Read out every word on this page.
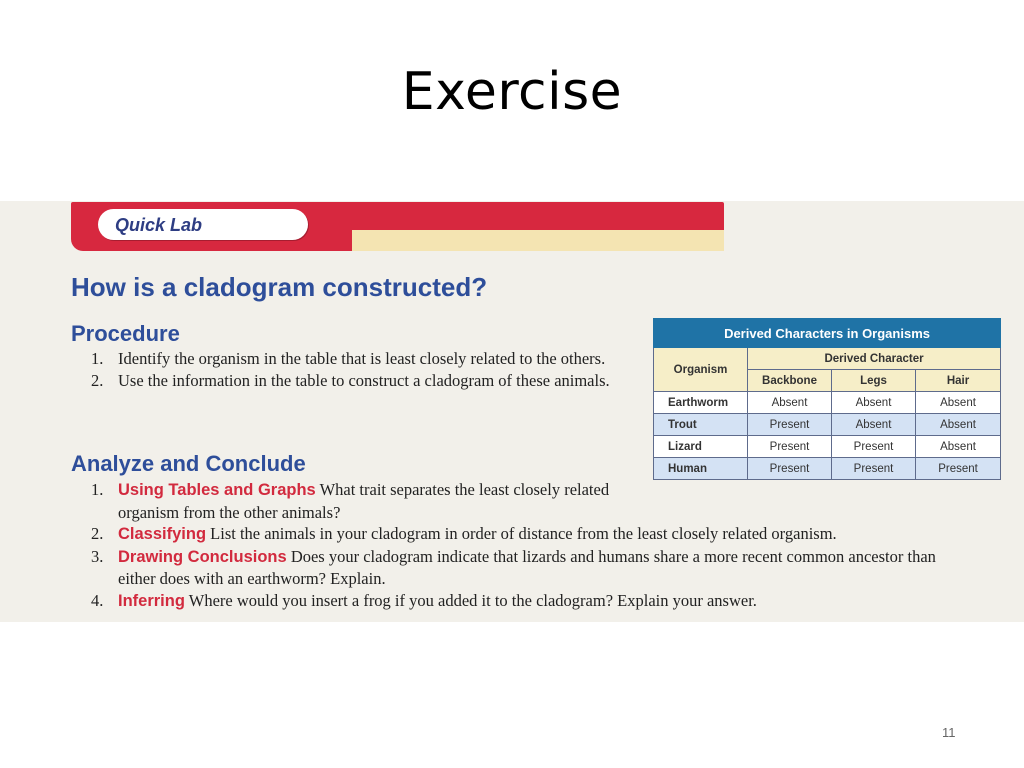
Exercise
Quick Lab
How is a cladogram constructed?
Procedure
1. Identify the organism in the table that is least closely related to the others.
2. Use the information in the table to construct a cladogram of these animals.
Analyze and Conclude
1. Using Tables and Graphs What trait separates the least closely related organism from the other animals?
2. Classifying List the animals in your cladogram in order of distance from the least closely related organism.
3. Drawing Conclusions Does your cladogram indicate that lizards and humans share a more recent common ancestor than either does with an earthworm? Explain.
4. Inferring Where would you insert a frog if you added it to the cladogram? Explain your answer.
Derived Characters in Organisms			
Organism	Derived Character		
	Backbone	Legs	Hair
Earthworm	Absent	Absent	Absent
Trout	Present	Absent	Absent
Lizard	Present	Present	Absent
Human	Present	Present	Present
11
